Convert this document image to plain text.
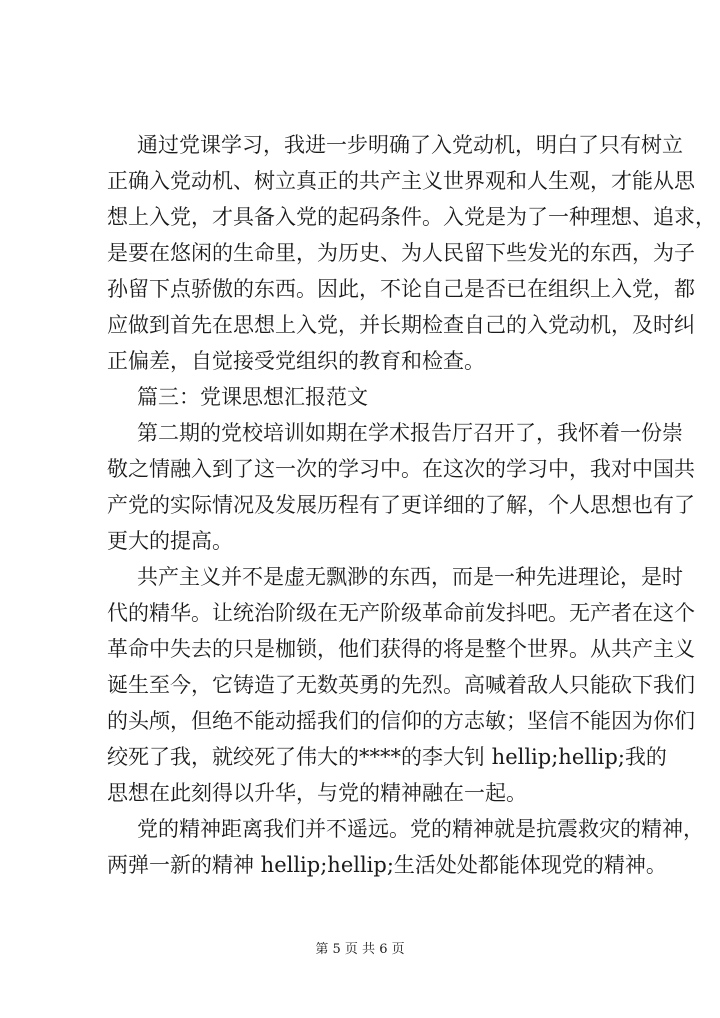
通过党课学习，我进一步明确了入党动机，明白了只有树立
正确入党动机、树立真正的共产主义世界观和人生观，才能从思
想上入党，才具备入党的起码条件。入党是为了一种理想、追求，
是要在悠闲的生命里，为历史、为人民留下些发光的东西，为子
孙留下点骄傲的东西。因此，不论自己是否已在组织上入党，都
应做到首先在思想上入党，并长期检查自己的入党动机，及时纠
正偏差，自觉接受党组织的教育和检查。
篇三：党课思想汇报范文
第二期的党校培训如期在学术报告厅召开了，我怀着一份崇
敬之情融入到了这一次的学习中。在这次的学习中，我对中国共
产党的实际情况及发展历程有了更详细的了解，个人思想也有了
更大的提高。
共产主义并不是虚无飘渺的东西，而是一种先进理论，是时
代的精华。让统治阶级在无产阶级革命前发抖吧。无产者在这个
革命中失去的只是枷锁，他们获得的将是整个世界。从共产主义
诞生至今，它铸造了无数英勇的先烈。高喊着敌人只能砍下我们
的头颅，但绝不能动摇我们的信仰的方志敏；坚信不能因为你们
绞死了我，就绞死了伟大的****的李大钊 hellip;hellip;我的
思想在此刻得以升华，与党的精神融在一起。
党的精神距离我们并不遥远。党的精神就是抗震救灾的精神，
两弹一新的精神 hellip;hellip;生活处处都能体现党的精神。
第 5 页 共 6 页
